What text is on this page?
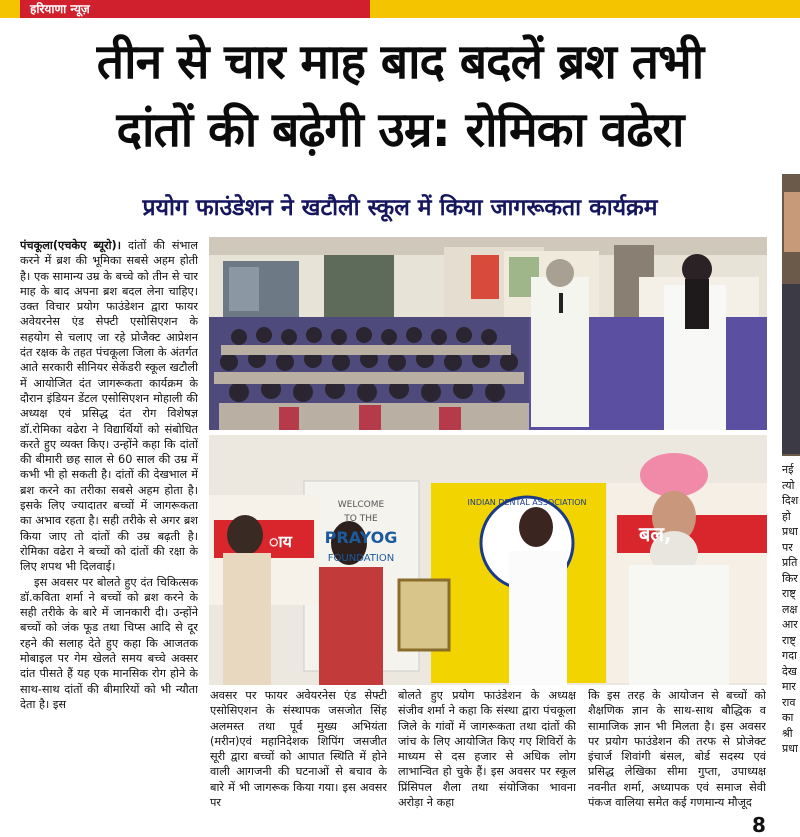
हरियाणा न्यूज़
तीन से चार माह बाद बदलें ब्रश तभी
दांतों की बढ़ेगी उम्र: रोमिका वढेरा
प्रयोग फाउंडेशन ने खटौली स्कूल में किया जागरूकता कार्यक्रम

पंचकूला(एचकेए ब्यूरो)। दांतों की संभाल करने में ब्रश की भूमिका सबसे अहम होती है। एक सामान्य उम्र के बच्चे को तीन से चार माह के बाद अपना ब्रश बदल लेना चाहिए। उक्त विचार प्रयोग फाउंडेशन द्वारा फायर अवेयरनेस एंड सेफ्टी एसोसिएशन के सहयोग से चलाए जा रहे प्रोजैक्ट आप्रेशन दंत रक्षक के तहत पंचकूला जिला के अंतर्गत आते सरकारी सीनियर सेकेंडरी स्कूल खटौली में आयोजित दंत जागरूकता कार्यक्रम के दौरान इंडियन डेंटल एसोसिएशन मोहाली की अध्यक्ष एवं प्रसिद्ध दंत रोग विशेषज्ञ डॉ.रोमिका वढेरा ने विद्यार्थियों को संबोधित करते हुए व्यक्त किए। उन्होंने कहा कि दांतों की बीमारी छह साल से 60 साल की उम्र में कभी भी हो सकती है। दांतों की देखभाल में ब्रश करने का तरीका सबसे अहम होता है। इसके लिए ज्यादातर बच्चों में जागरूकता का अभाव रहता है। सही तरीके से अगर ब्रश किया जाए तो दांतों की उम्र बढ़ती है। रोमिका वढेरा ने बच्चों को दांतों की रक्षा के लिए शपथ भी दिलवाई।

इस अवसर पर बोलते हुए दंत चिकित्सक डॉ.कविता शर्मा ने बच्चों को ब्रश करने के सही तरीके के बारे में जानकारी दी। उन्होंने बच्चों को जंक फूड तथा चिप्स आदि से दूर रहने की सलाह देते हुए कहा कि आजतक मोबाइल पर गेम खेलते समय बच्चे अक्सर दांत पीसते हैं यह एक मानसिक रोग होने के साथ-साथ दांतों की बीमारियों को भी न्यौता देता है। इस

WELCOME
TO THE
PRAYOG
FOUNDATION
INDIAN DENTAL ASSOCIATION
बल,
ाय
अवसर पर फायर अवेयरनेस एंड सेफ्टी एसोसिएशन के संस्थापक जसजोत सिंह अलमस्त तथा पूर्व मुख्य अभियंता (मरीन)एवं महानिदेशक शिपिंग जसजीत सूरी द्वारा बच्चों को आपात स्थिति में होने वाली आगजनी की घटनाओं से बचाव के बारे में भी जागरूक किया गया। इस अवसर पर
बोलते हुए प्रयोग फाउंडेशन के अध्यक्ष संजीव शर्मा ने कहा कि संस्था द्वारा पंचकूला जिले के गांवों में जागरूकता तथा दांतों की जांच के लिए आयोजित किए गए शिविरों के माध्यम से दस हजार से अधिक लोग लाभान्वित हो चुके हैं। इस अवसर पर स्कूल प्रिंसिपल शैला तथा संयोजिका भावना अरोड़ा ने कहा
कि इस तरह के आयोजन से बच्चों को शैक्षणिक ज्ञान के साथ-साथ बौद्धिक व सामाजिक ज्ञान भी मिलता है। इस अवसर पर प्रयोग फाउंडेशन की तरफ से प्रोजेक्ट इंचार्ज शिवांगी बंसल, बोर्ड सदस्य एवं प्रसिद्ध लेखिका सीमा गुप्ता, उपाध्यक्ष नवनीत शर्मा, अध्यापक एवं समाज सेवी पंकज वालिया समेत कई गणमान्य मौजूद
नई
त्यो
दिश
हो
प्रधा
पर
प्रति
किर
राष्ट्
लक्ष
आर
राष्ट्
गदा
देख
मार
राव
का
श्री
प्रधा
8
